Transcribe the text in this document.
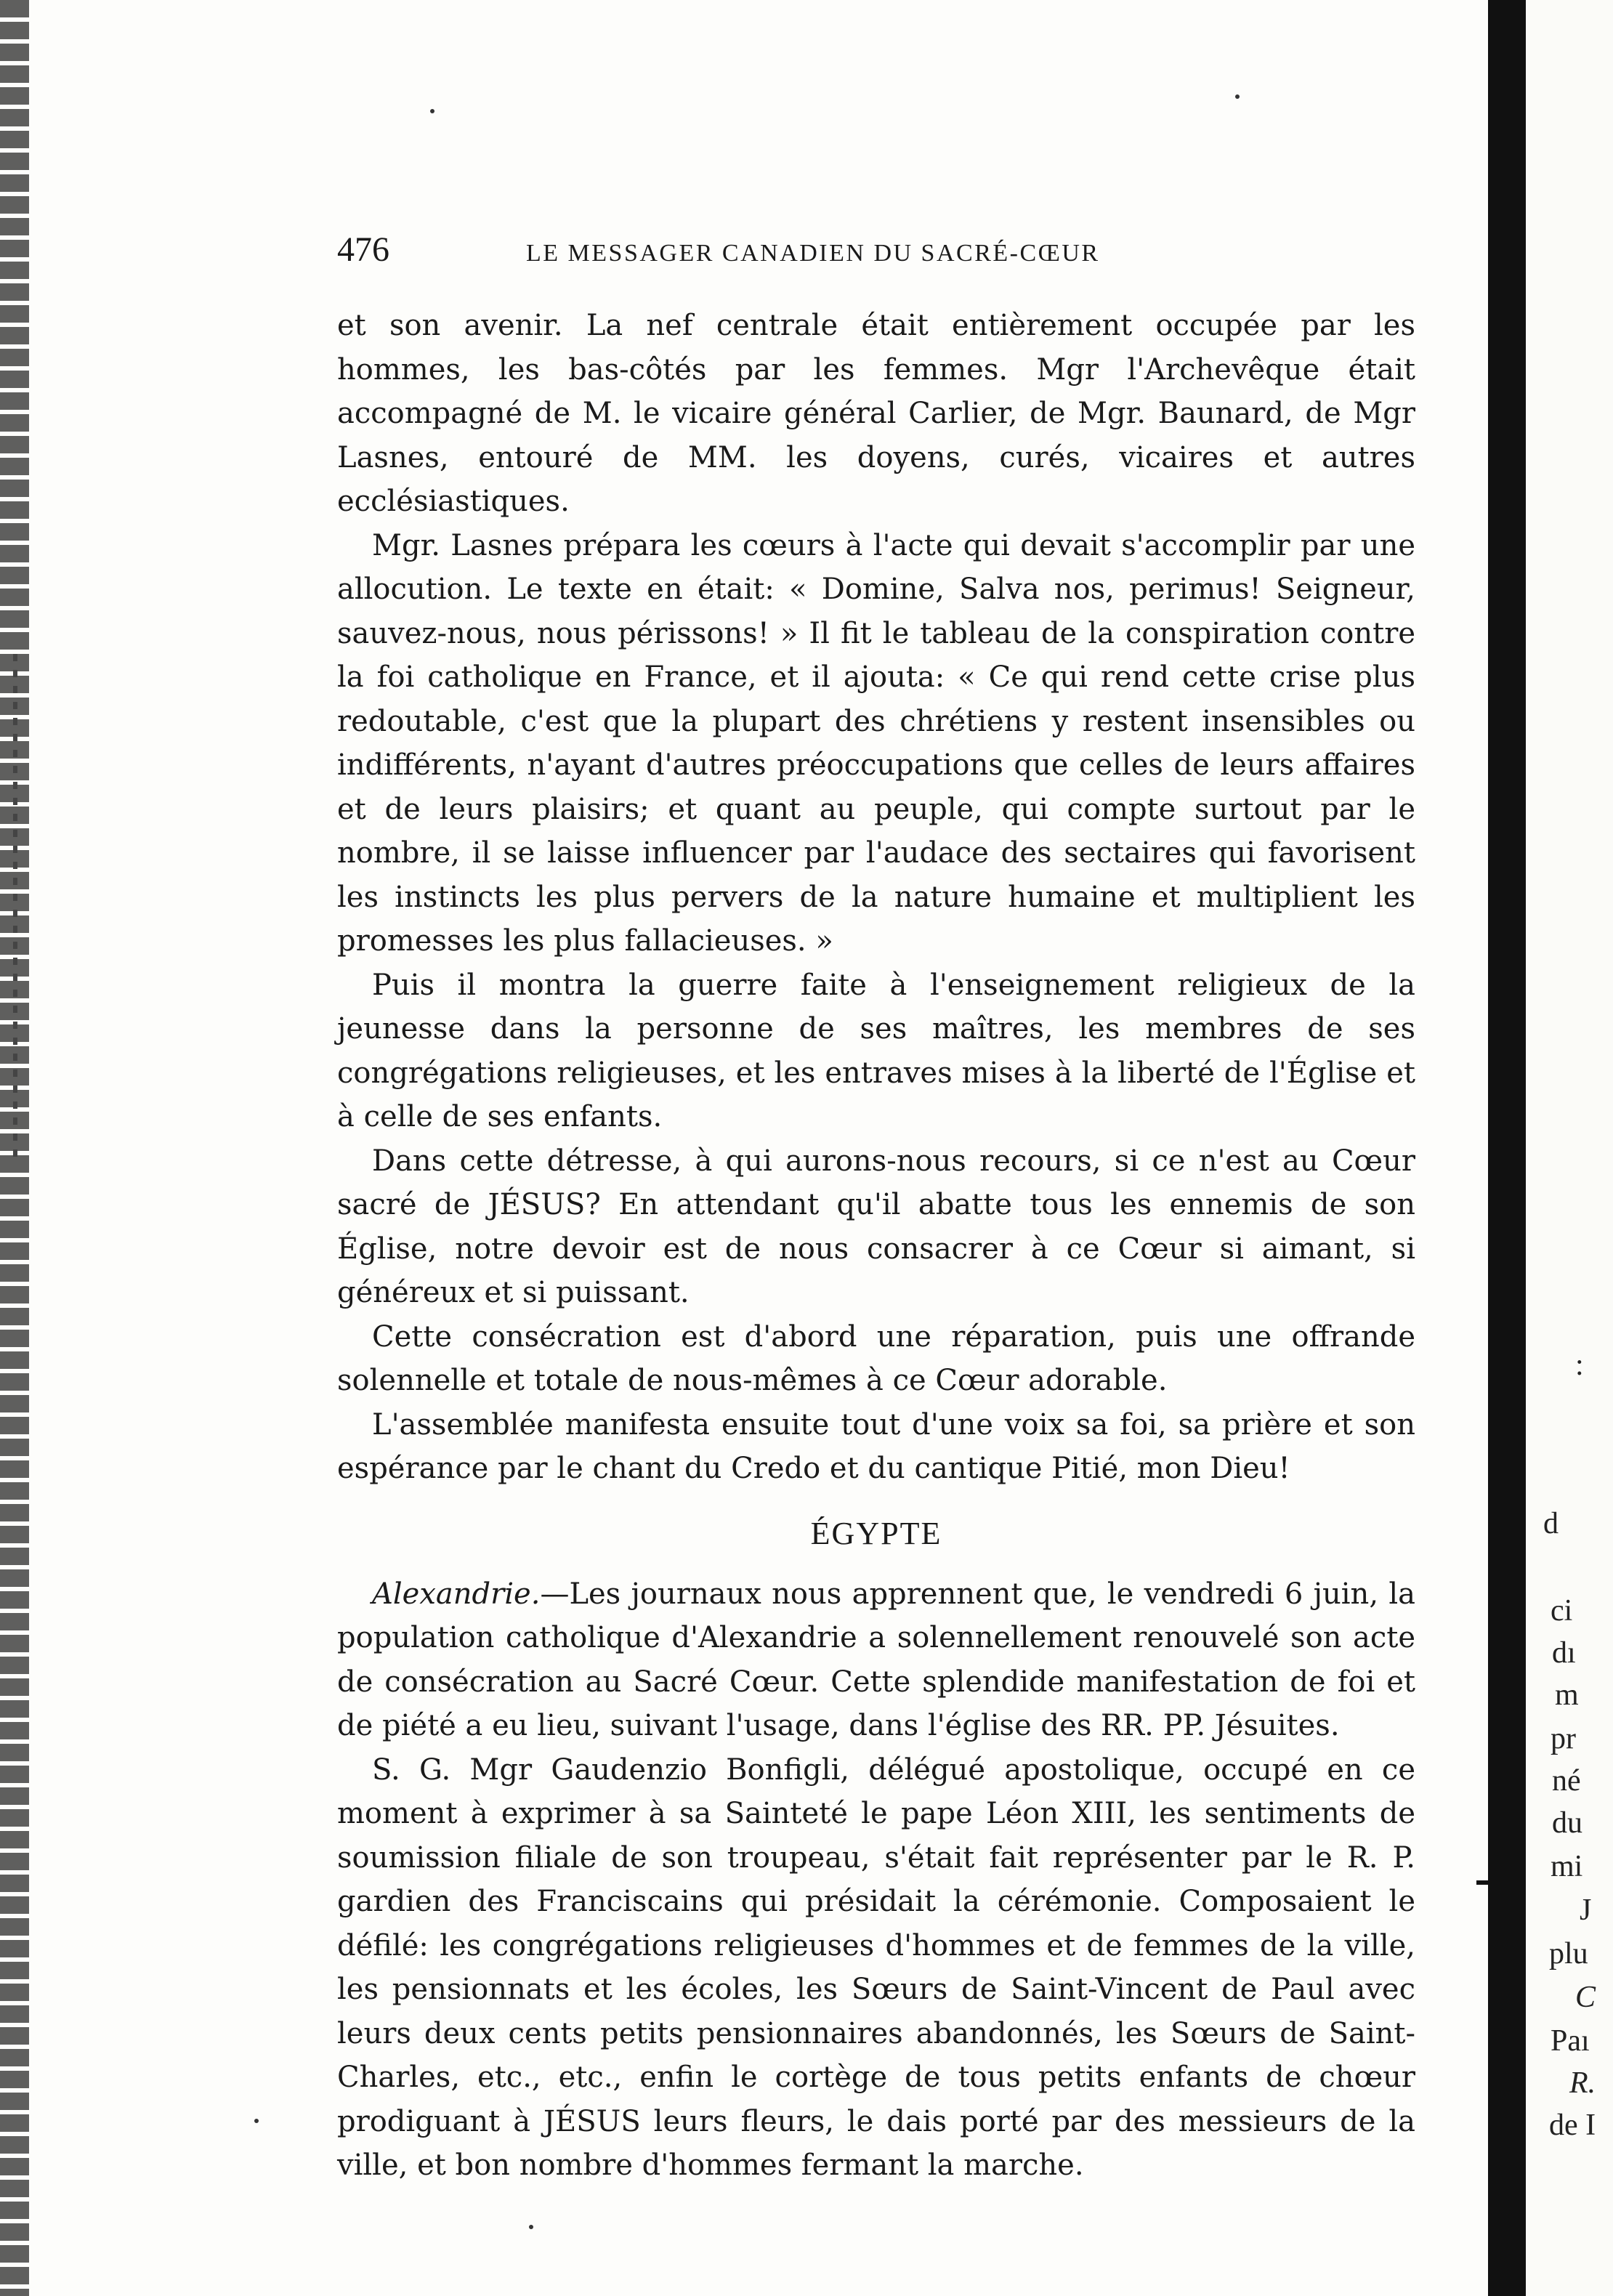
:
d
ci
dı
m
pr
né
du
mi
J
plu
C
Paı
R.
de I
476	LE MESSAGER CANADIEN DU SACRÉ-CŒUR

et son avenir. La nef centrale était entièrement occupée par les hommes, les bas-côtés par les femmes. Mgr l'Archevêque était accompagné de M. le vicaire général Carlier, de Mgr. Baunard, de Mgr Lasnes, entouré de MM. les doyens, curés, vicaires et autres ecclésiastiques.

Mgr. Lasnes prépara les cœurs à l'acte qui devait s'accomplir par une allocution. Le texte en était: « Domine, Salva nos, perimus! Seigneur, sauvez-nous, nous périssons! » Il fit le tableau de la conspiration contre la foi catholique en France, et il ajouta: « Ce qui rend cette crise plus redoutable, c'est que la plupart des chrétiens y restent insensibles ou indifférents, n'ayant d'autres préoccupations que celles de leurs affaires et de leurs plaisirs; et quant au peuple, qui compte surtout par le nombre, il se laisse influencer par l'audace des sectaires qui favorisent les instincts les plus pervers de la nature humaine et multiplient les promesses les plus fallacieuses. »

Puis il montra la guerre faite à l'enseignement religieux de la jeunesse dans la personne de ses maîtres, les membres de ses congrégations religieuses, et les entraves mises à la liberté de l'Église et à celle de ses enfants.

Dans cette détresse, à qui aurons-nous recours, si ce n'est au Cœur sacré de JÉSUS? En attendant qu'il abatte tous les ennemis de son Église, notre devoir est de nous consacrer à ce Cœur si aimant, si généreux et si puissant.

Cette consécration est d'abord une réparation, puis une offrande solennelle et totale de nous-mêmes à ce Cœur adorable.

L'assemblée manifesta ensuite tout d'une voix sa foi, sa prière et son espérance par le chant du Credo et du cantique Pitié, mon Dieu!

ÉGYPTE

Alexandrie.—Les journaux nous apprennent que, le vendredi 6 juin, la population catholique d'Alexandrie a solennellement renouvelé son acte de consécration au Sacré Cœur. Cette splendide manifestation de foi et de piété a eu lieu, suivant l'usage, dans l'église des RR. PP. Jésuites.

S. G. Mgr Gaudenzio Bonfigli, délégué apostolique, occupé en ce moment à exprimer à sa Sainteté le pape Léon XIII, les sentiments de soumission filiale de son troupeau, s'était fait représenter par le R. P. gardien des Franciscains qui présidait la cérémonie. Composaient le défilé: les congrégations religieuses d'hommes et de femmes de la ville, les pensionnats et les écoles, les Sœurs de Saint-Vincent de Paul avec leurs deux cents petits pensionnaires abandonnés, les Sœurs de Saint-Charles, etc., etc., enfin le cortège de tous petits enfants de chœur prodiguant à JÉSUS leurs fleurs, le dais porté par des messieurs de la ville, et bon nombre d'hommes fermant la marche.
